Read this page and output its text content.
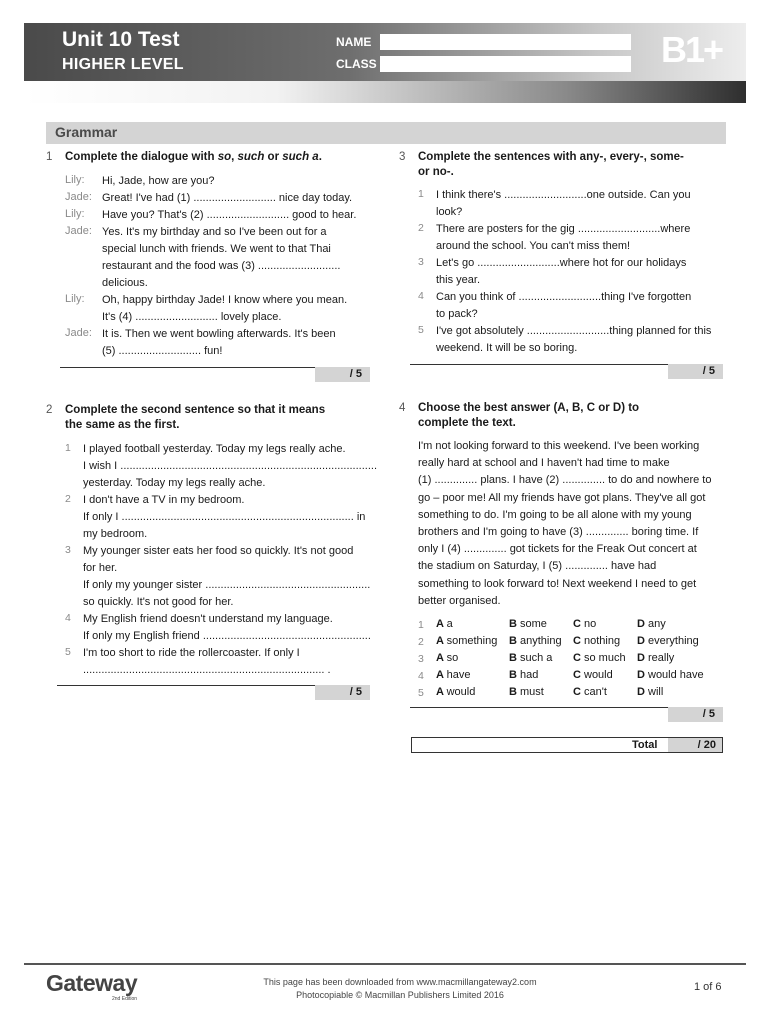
Unit 10 Test
HIGHER LEVEL
NAME
CLASS	B1+
Grammar
1 Complete the dialogue with so, such or such a.
/ 5
2 Complete the second sentence so that it means
the same as the first.
/ 5
3 Complete the sentences with any-, every-, some-
or no-.
/ 5
4 Choose the best answer (A, B, C or D) to
complete the text.
/ 5
Total	/ 20
Gateway
2nd Edition
This page has been downloaded from www.macmillangateway2.com
Photocopiable © Macmillan Publishers Limited 2016
1 of 6
Lily: Hi, Jade, how are you?
Jade: Great! I've had (1) ........................... nice day today.
Lily: Have you? That's (2) ........................... good to hear.
Jade: Yes. It's my birthday and so I've been out for a
special lunch with friends. We went to that Thai
restaurant and the food was (3) ...........................
delicious.
Lily: Oh, happy birthday Jade! I know where you mean.
It's (4) ........................... lovely place.
Jade: It is. Then we went bowling afterwards. It's been
(5) ........................... fun!
1 I played football yesterday. Today my legs really ache.
I wish I ....................................................................................
yesterday. Today my legs really ache.
2 I don't have a TV in my bedroom.
If only I ............................................................................ in
my bedroom.
3 My younger sister eats her food so quickly. It's not good
for her.
If only my younger sister ......................................................
so quickly. It's not good for her.
4 My English friend doesn't understand my language.
If only my English friend .......................................................
5 I'm too short to ride the rollercoaster. If only I
............................................................................... .
1 I think there's ...........................one outside. Can you
look?
2 There are posters for the gig ...........................where
around the school. You can't miss them!
3 Let's go ...........................where hot for our holidays
this year.
4 Can you think of ...........................thing I've forgotten
to pack?
5 I've got absolutely ...........................thing planned for this
weekend. It will be so boring.
I'm not looking forward to this weekend. I've been working
really hard at school and I haven't had time to make
(1) .............. plans. I have (2) .............. to do and nowhere to
go – poor me! All my friends have got plans. They've all got
something to do. I'm going to be all alone with my young
brothers and I'm going to have (3) .............. boring time. If
only I (4) .............. got tickets for the Freak Out concert at
the stadium on Saturday, I (5) .............. have had
something to look forward to! Next weekend I need to get
better organised.
1 A a	B some C no	D any
2 A something B anything C nothing D everything
3 A so	B such a C so much D really
4 A have	B had	C would D would have
5 A would	B must	C can't	D will
